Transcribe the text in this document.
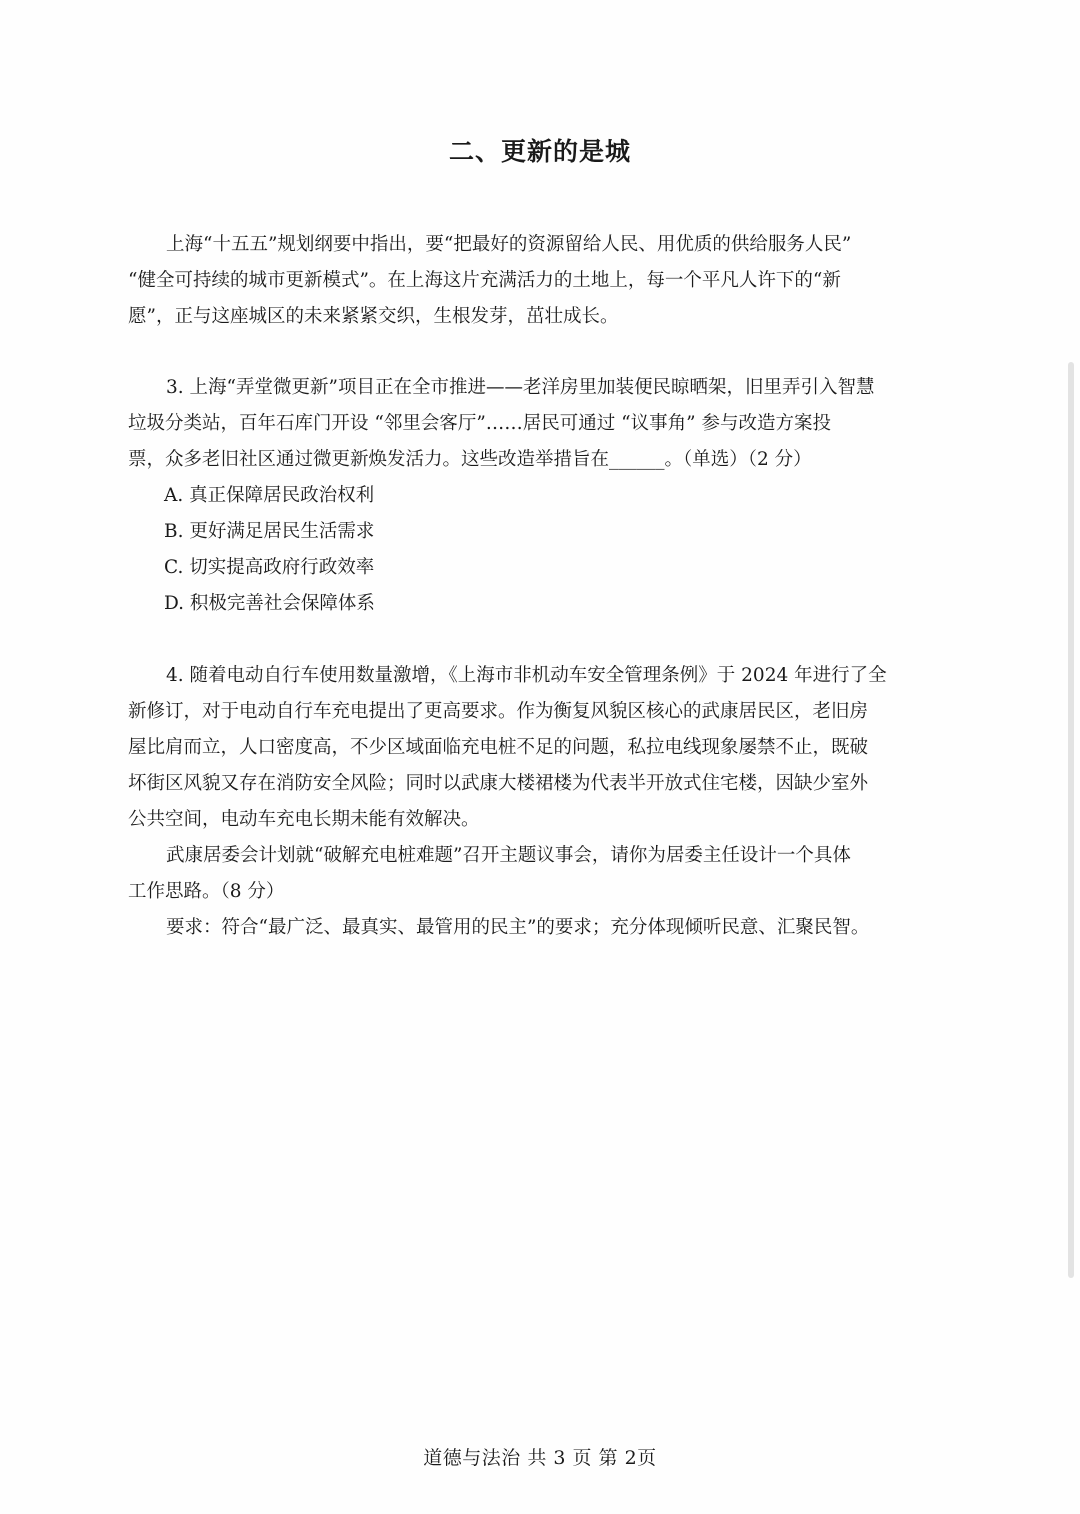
二、更新的是城
上海“十五五”规划纲要中指出，要“把最好的资源留给人民、用优质的供给服务人民”
“健全可持续的城市更新模式”。在上海这片充满活力的土地上，每一个平凡人许下的“新
愿”，正与这座城区的未来紧紧交织，生根发芽，茁壮成长。
3. 上海“弄堂微更新”项目正在全市推进——老洋房里加装便民晾晒架，旧里弄引入智慧
垃圾分类站，百年石库门开设 “邻里会客厅”……居民可通过 “议事角” 参与改造方案投
票，众多老旧社区通过微更新焕发活力。这些改造举措旨在______。（单选）（2 分）
A. 真正保障居民政治权利
B. 更好满足居民生活需求
C. 切实提高政府行政效率
D. 积极完善社会保障体系
4. 随着电动自行车使用数量激增，《上海市非机动车安全管理条例》于 2024 年进行了全
新修订，对于电动自行车充电提出了更高要求。作为衡复风貌区核心的武康居民区，老旧房
屋比肩而立，人口密度高，不少区域面临充电桩不足的问题，私拉电线现象屡禁不止，既破
坏街区风貌又存在消防安全风险；同时以武康大楼裙楼为代表半开放式住宅楼，因缺少室外
公共空间，电动车充电长期未能有效解决。
武康居委会计划就“破解充电桩难题”召开主题议事会，请你为居委主任设计一个具体
工作思路。（8 分）
要求：符合“最广泛、最真实、最管用的民主”的要求；充分体现倾听民意、汇聚民智。
道德与法治 共 3 页 第 2页
